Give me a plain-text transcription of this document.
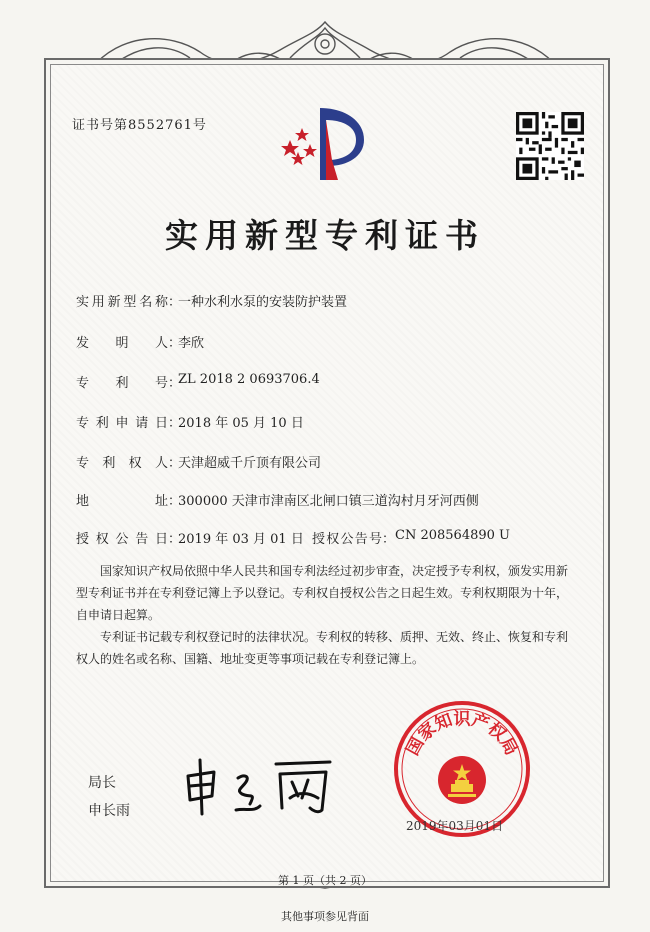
证书号第8552761号
实用新型专利证书
实用新型名称 ：
一种水利水泵的安装防护装置
发明人 ：
李欣
专利号 ：
ZL 2018 2 0693706.4
专利申请日 ：
2018 年 05 月 10 日
专利权人 ：
天津超威千斤顶有限公司
地址 ：
300000 天津市津南区北闸口镇三道沟村月牙河西侧
授权公告日 ：
2019 年 03 月 01 日 授权公告号 ： CN 208564890 U
国家知识产权局依照中华人民共和国专利法经过初步审查，决定授予专利权，颁发实用新型专利证书并在专利登记簿上予以登记。专利权自授权公告之日起生效。专利权期限为十年，自申请日起算。
专利证书记载专利权登记时的法律状况。专利权的转移、质押、无效、终止、恢复和专利权人的姓名或名称、国籍、地址变更等事项记载在专利登记簿上。
局长
申长雨
国家知识产权局
2019年03月01日
第 1 页（共 2 页）
其他事项参见背面
